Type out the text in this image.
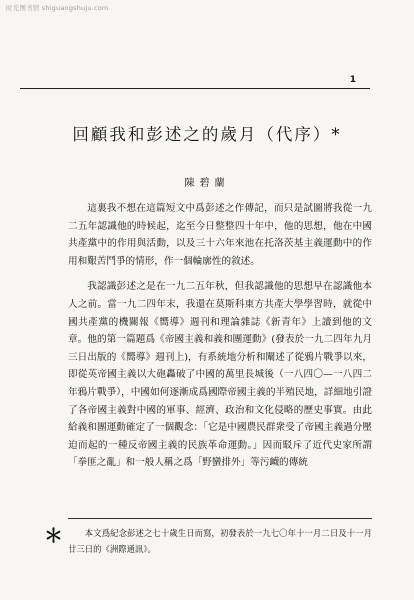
时光图书馆 shiguangshuju.com
1
回顧我和彭述之的歲月（代序）*
陳碧蘭

這裏我不想在這篇短文中爲彭述之作傳記，而只是試圖將我從一九二五年認識他的時候起，迄至今日整整四十年中，他的思想，他在中國共產黨中的作用與活動，以及三十六年來池在托洛茨基主義運動中的作用和艱苦鬥爭的情形，作一個輪廓性的敘述。

我認識彭述之是在一九二五年秋，但我認識他的思想早在認識他本人之前。當一九二四年末，我還在莫斯科東方共產大學學習時，就從中國共產黨的機關報《嚮導》週刊和理論雜誌《新青年》上讀到他的文章。他的第一篇題爲《帝國主義和義和團運動》(發表於一九二四年九月三日出版的《嚮導》週刊上)，有系統地分析和闡述了從鴉片戰爭以來，即從英帝國主義以大砲轟破了中國的萬里長城後（一八四〇—一八四二年鴉片戰爭），中國如何逐漸成爲國際帝國主義的半殖民地，詳細地引證了各帝國主義對中國的軍事、經濟、政治和文化侵略的歷史事實。由此給義和團運動確定了一個觀念：「它是中國農民群衆受了帝國主義過分壓迫而起的一種反帝國主義的民族革命運動。」因而駁斥了近代史家所謂「拳匪之亂」和一般人稱之爲「野蠻排外」等污衊的傳統

＊	本文爲紀念彭述之七十歲生日而寫，初發表於一九七〇年十一月二日及十一月廿三日的《洲際通訊》。
